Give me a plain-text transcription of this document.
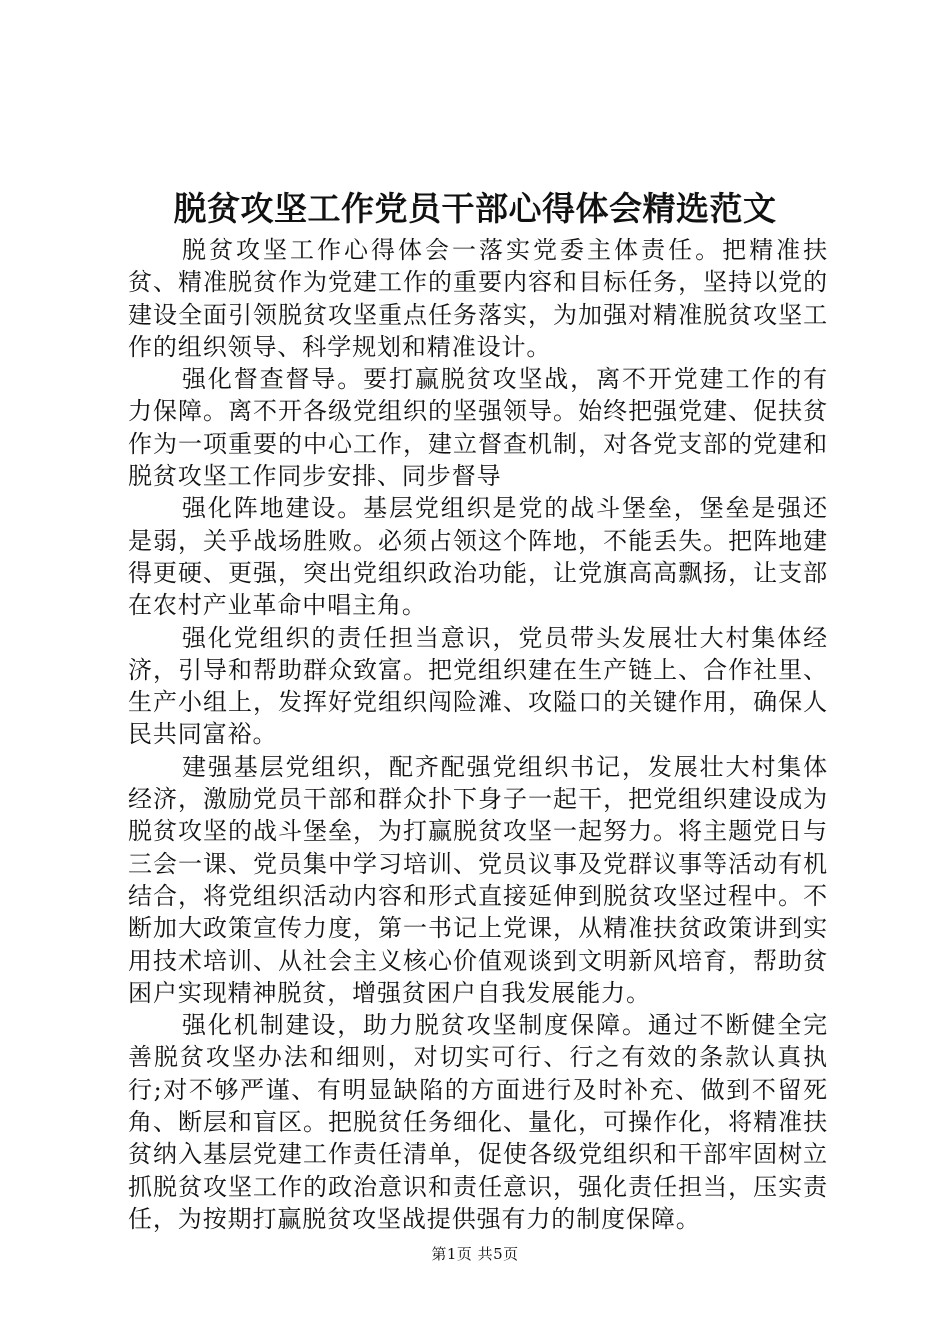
脱贫攻坚工作党员干部心得体会精选范文

脱贫攻坚工作心得体会一落实党委主体责任。把精准扶贫、精准脱贫作为党建工作的重要内容和目标任务，坚持以党的建设全面引领脱贫攻坚重点任务落实，为加强对精准脱贫攻坚工作的组织领导、科学规划和精准设计。

强化督查督导。要打赢脱贫攻坚战，离不开党建工作的有力保障。离不开各级党组织的坚强领导。始终把强党建、促扶贫作为一项重要的中心工作，建立督查机制，对各党支部的党建和脱贫攻坚工作同步安排、同步督导

强化阵地建设。基层党组织是党的战斗堡垒，堡垒是强还是弱，关乎战场胜败。必须占领这个阵地，不能丢失。把阵地建得更硬、更强，突出党组织政治功能，让党旗高高飘扬，让支部在农村产业革命中唱主角。

强化党组织的责任担当意识，党员带头发展壮大村集体经济，引导和帮助群众致富。把党组织建在生产链上、合作社里、生产小组上，发挥好党组织闯险滩、攻隘口的关键作用，确保人民共同富裕。

建强基层党组织，配齐配强党组织书记，发展壮大村集体经济，激励党员干部和群众扑下身子一起干，把党组织建设成为脱贫攻坚的战斗堡垒，为打赢脱贫攻坚一起努力。将主题党日与三会一课、党员集中学习培训、党员议事及党群议事等活动有机结合，将党组织活动内容和形式直接延伸到脱贫攻坚过程中。不断加大政策宣传力度，第一书记上党课，从精准扶贫政策讲到实用技术培训、从社会主义核心价值观谈到文明新风培育，帮助贫困户实现精神脱贫，增强贫困户自我发展能力。

强化机制建设，助力脱贫攻坚制度保障。通过不断健全完善脱贫攻坚办法和细则，对切实可行、行之有效的条款认真执行;对不够严谨、有明显缺陷的方面进行及时补充、做到不留死角、断层和盲区。把脱贫任务细化、量化，可操作化，将精准扶贫纳入基层党建工作责任清单，促使各级党组织和干部牢固树立抓脱贫攻坚工作的政治意识和责任意识，强化责任担当，压实责任，为按期打赢脱贫攻坚战提供强有力的制度保障。

第1页 共5页
